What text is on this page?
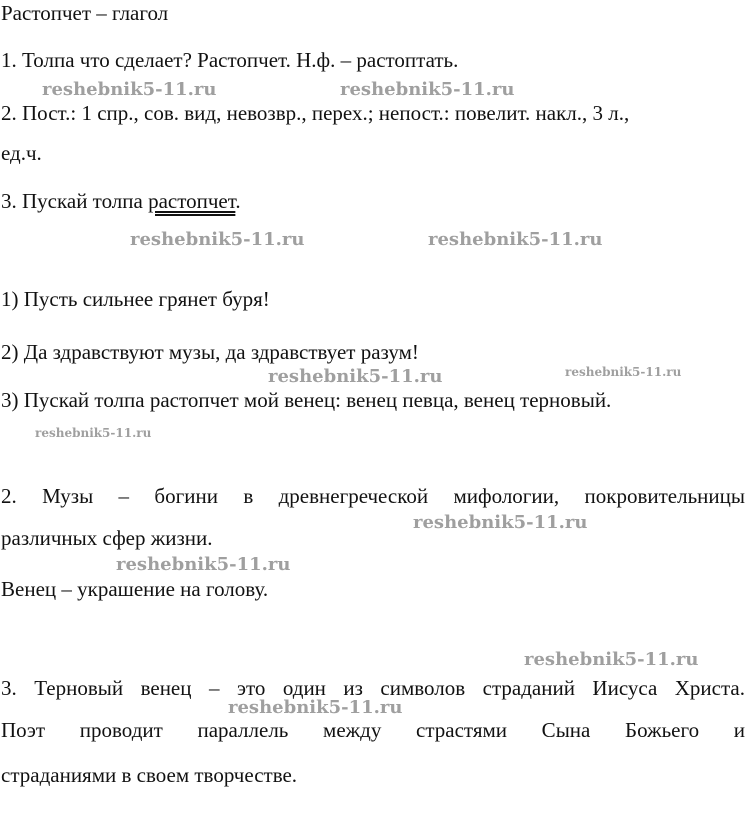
Растопчет – глагол

1. Толпа что сделает? Растопчет. Н.ф. – растоптать.

2. Пост.: 1 спр., сов. вид, невозвр., перех.; непост.: повелит. накл., 3 л.,

ед.ч.

3. Пускай толпа растопчет.

1) Пусть сильнее грянет буря!

2) Да здравствуют музы, да здравствует разум!

3) Пускай толпа растопчет мой венец: венец певца, венец терновый.

2. Музы – богини в древнегреческой мифологии, покровительницы

различных сфер жизни.

Венец – украшение на голову.

3. Терновый венец – это один из символов страданий Иисуса Христа.

Поэт проводит параллель между страстями Сына Божьего и

страданиями в своем творчестве.

reshebnik5-11.ru	reshebnik5-11.ru
reshebnik5-11.ru	reshebnik5-11.ru
reshebnik5-11.ru	reshebnik5-11.ru
reshebnik5-11.ru
reshebnik5-11.ru
reshebnik5-11.ru
reshebnik5-11.ru
reshebnik5-11.ru
